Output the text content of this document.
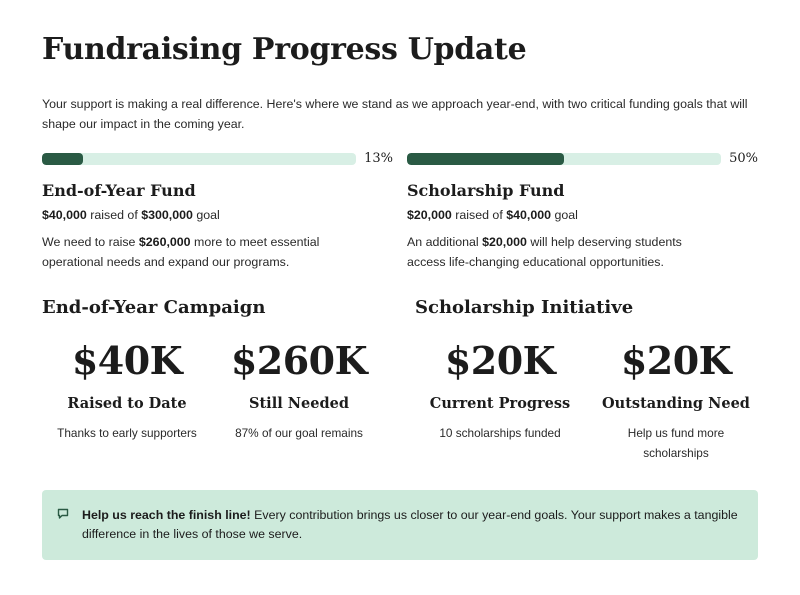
Fundraising Progress Update
Your support is making a real difference. Here's where we stand as we approach year-end, with two critical funding goals that will shape our impact in the coming year.
13%
End-of-Year Fund
$40,000 raised of $300,000 goal
We need to raise $260,000 more to meet essential operational needs and expand our programs.
50%
Scholarship Fund
$20,000 raised of $40,000 goal
An additional $20,000 will help deserving students access life-changing educational opportunities.
End-of-Year Campaign
$40K
Raised to Date
Thanks to early supporters
$260K
Still Needed
87% of our goal remains
Scholarship Initiative
$20K
Current Progress
10 scholarships funded
$20K
Outstanding Need
Help us fund more scholarships
Help us reach the finish line! Every contribution brings us closer to our year-end goals. Your support makes a tangible difference in the lives of those we serve.
